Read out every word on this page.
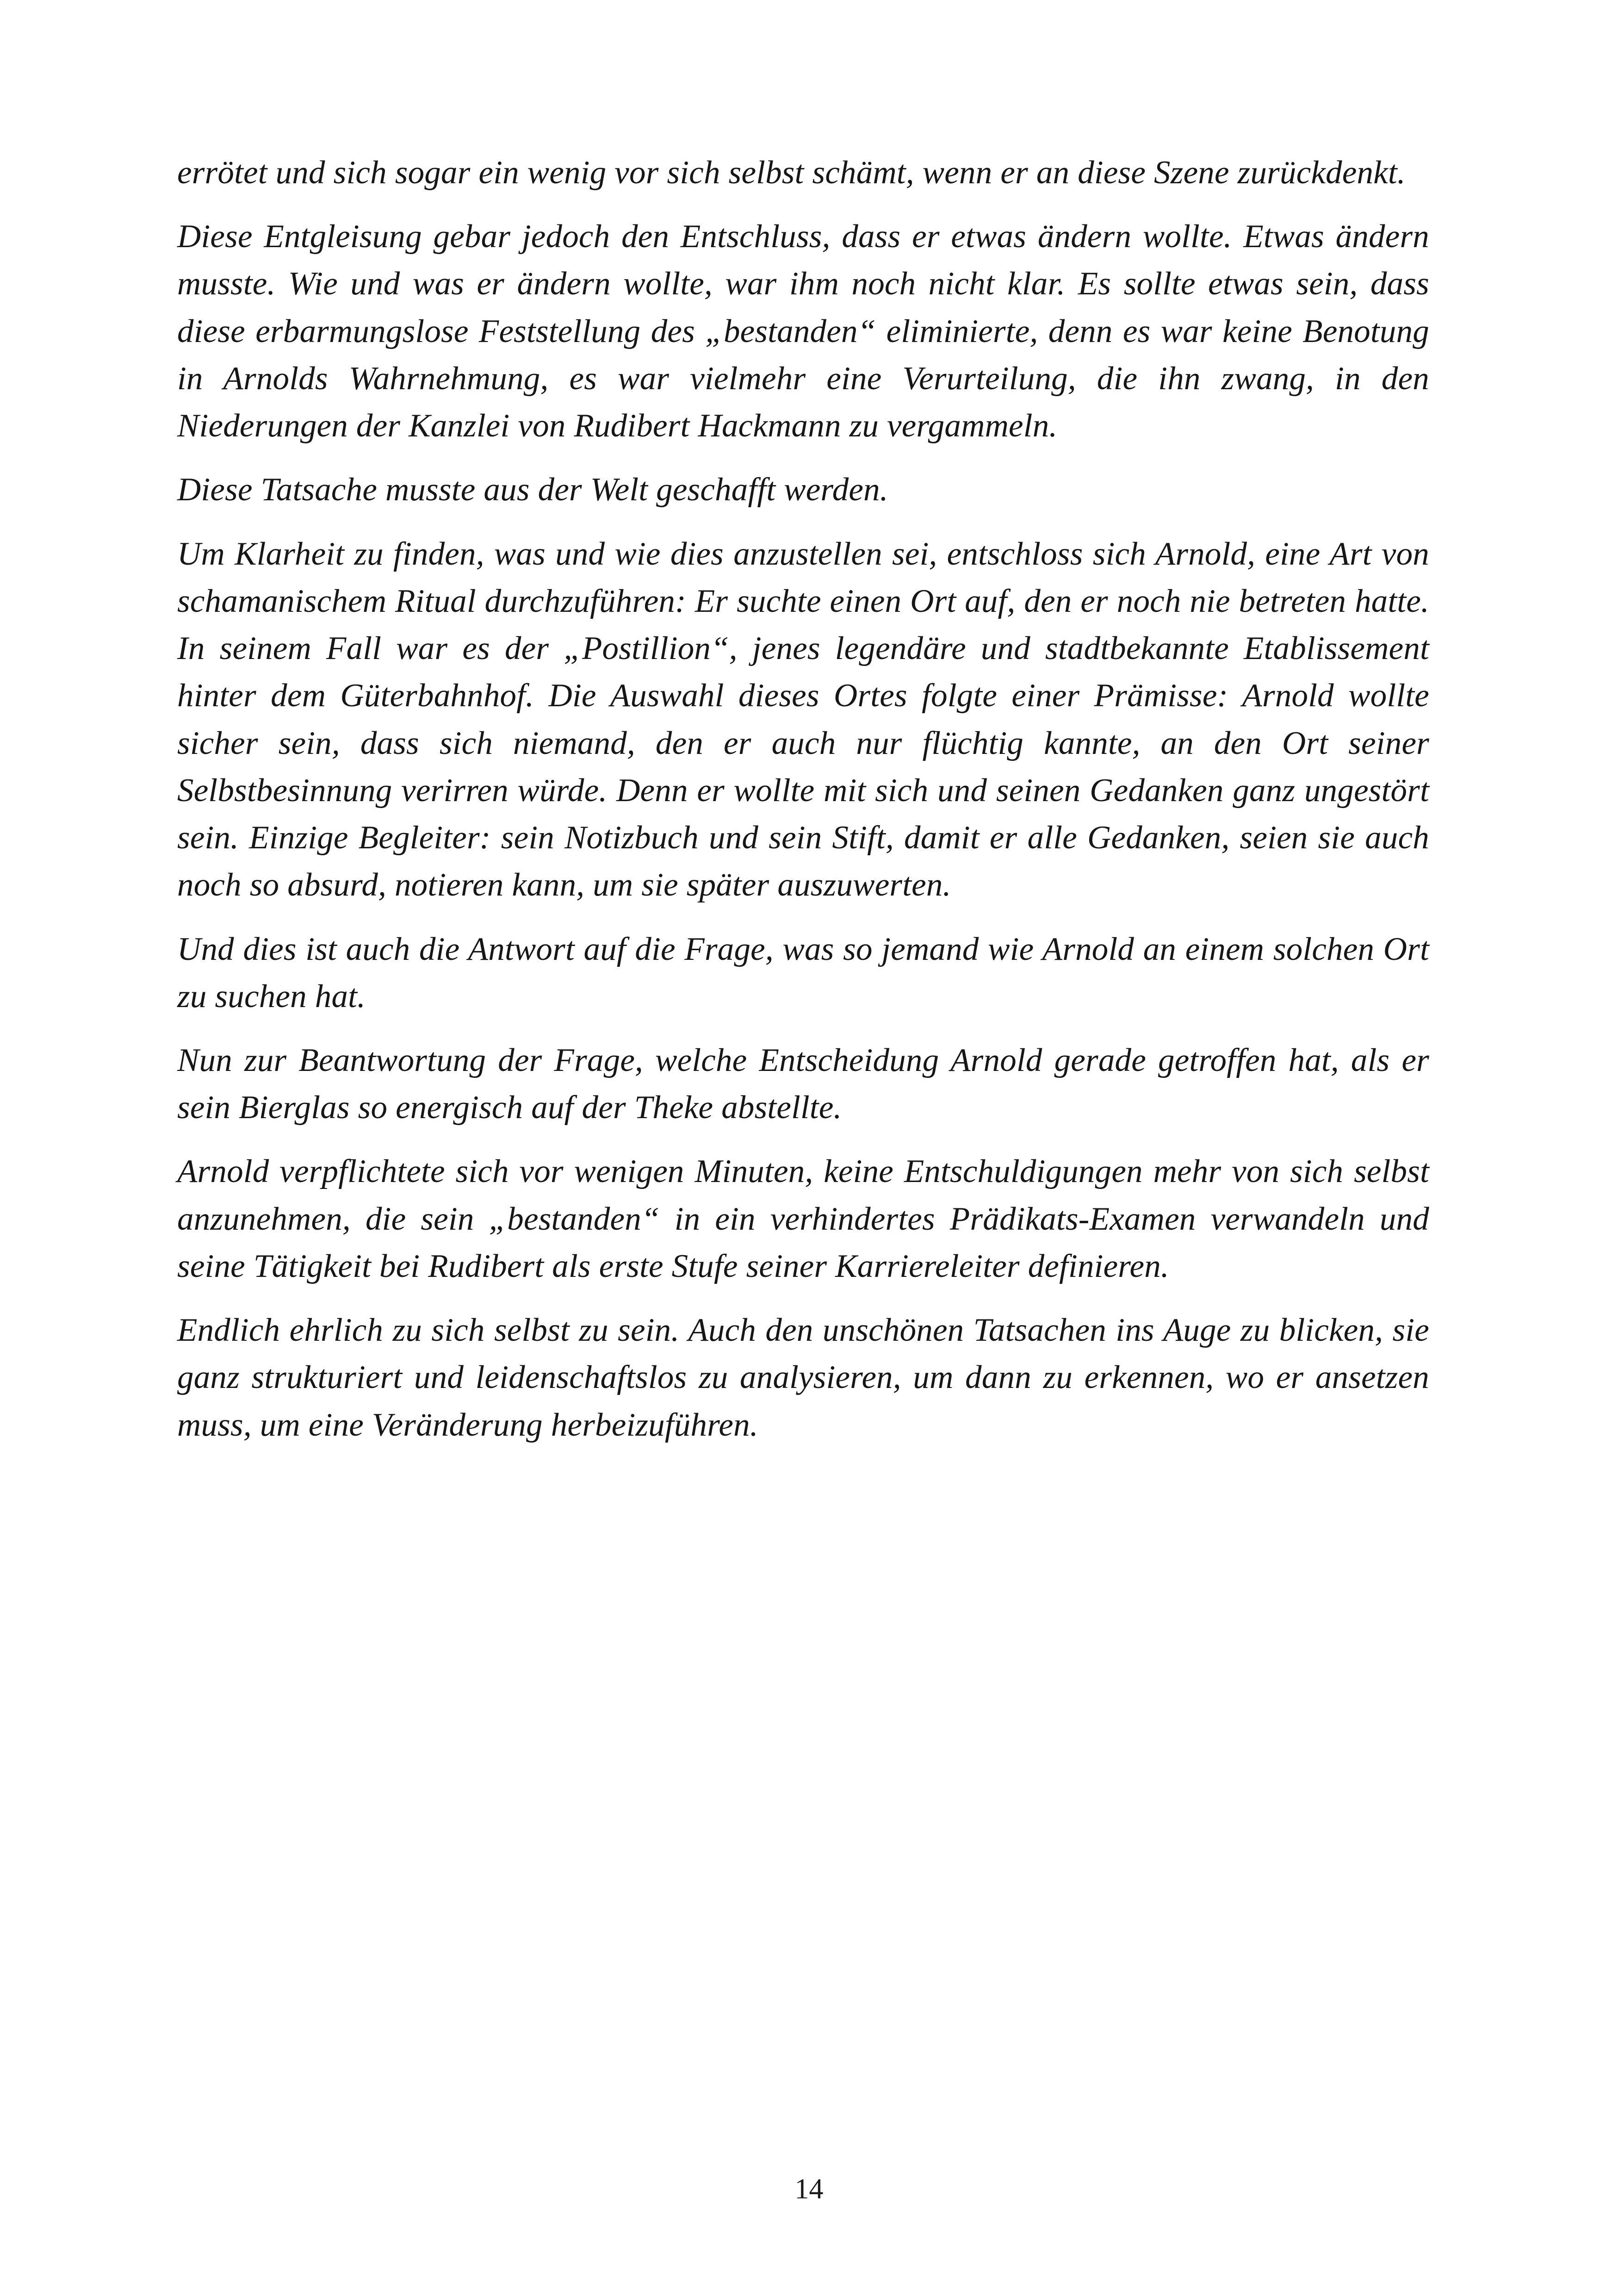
errötet und sich sogar ein wenig vor sich selbst schämt, wenn er an diese Szene zurückdenkt.

Diese Entgleisung gebar jedoch den Entschluss, dass er etwas ändern wollte. Etwas ändern musste. Wie und was er ändern wollte, war ihm noch nicht klar. Es sollte etwas sein, dass diese erbarmungslose Feststellung des „bestanden“ eliminierte, denn es war keine Benotung in Arnolds Wahrnehmung, es war vielmehr eine Verurteilung, die ihn zwang, in den Niederungen der Kanzlei von Rudibert Hackmann zu vergammeln.

Diese Tatsache musste aus der Welt geschafft werden.

Um Klarheit zu finden, was und wie dies anzustellen sei, entschloss sich Arnold, eine Art von schamanischem Ritual durchzuführen: Er suchte einen Ort auf, den er noch nie betreten hatte. In seinem Fall war es der „Postillion“, jenes legendäre und stadtbekannte Etablissement hinter dem Güterbahnhof. Die Auswahl dieses Ortes folgte einer Prämisse: Arnold wollte sicher sein, dass sich niemand, den er auch nur flüchtig kannte, an den Ort seiner Selbstbesinnung verirren würde. Denn er wollte mit sich und seinen Gedanken ganz ungestört sein. Einzige Begleiter: sein Notizbuch und sein Stift, damit er alle Gedanken, seien sie auch noch so absurd, notieren kann, um sie später auszuwerten.

Und dies ist auch die Antwort auf die Frage, was so jemand wie Arnold an einem solchen Ort zu suchen hat.

Nun zur Beantwortung der Frage, welche Entscheidung Arnold gerade getroffen hat, als er sein Bierglas so energisch auf der Theke abstellte.

Arnold verpflichtete sich vor wenigen Minuten, keine Entschuldigungen mehr von sich selbst anzunehmen, die sein „bestanden“ in ein verhindertes Prädikats-Examen verwandeln und seine Tätigkeit bei Rudibert als erste Stufe seiner Karriereleiter definieren.

Endlich ehrlich zu sich selbst zu sein. Auch den unschönen Tatsachen ins Auge zu blicken, sie ganz strukturiert und leidenschaftslos zu analysieren, um dann zu erkennen, wo er ansetzen muss, um eine Veränderung herbeizuführen.

14
